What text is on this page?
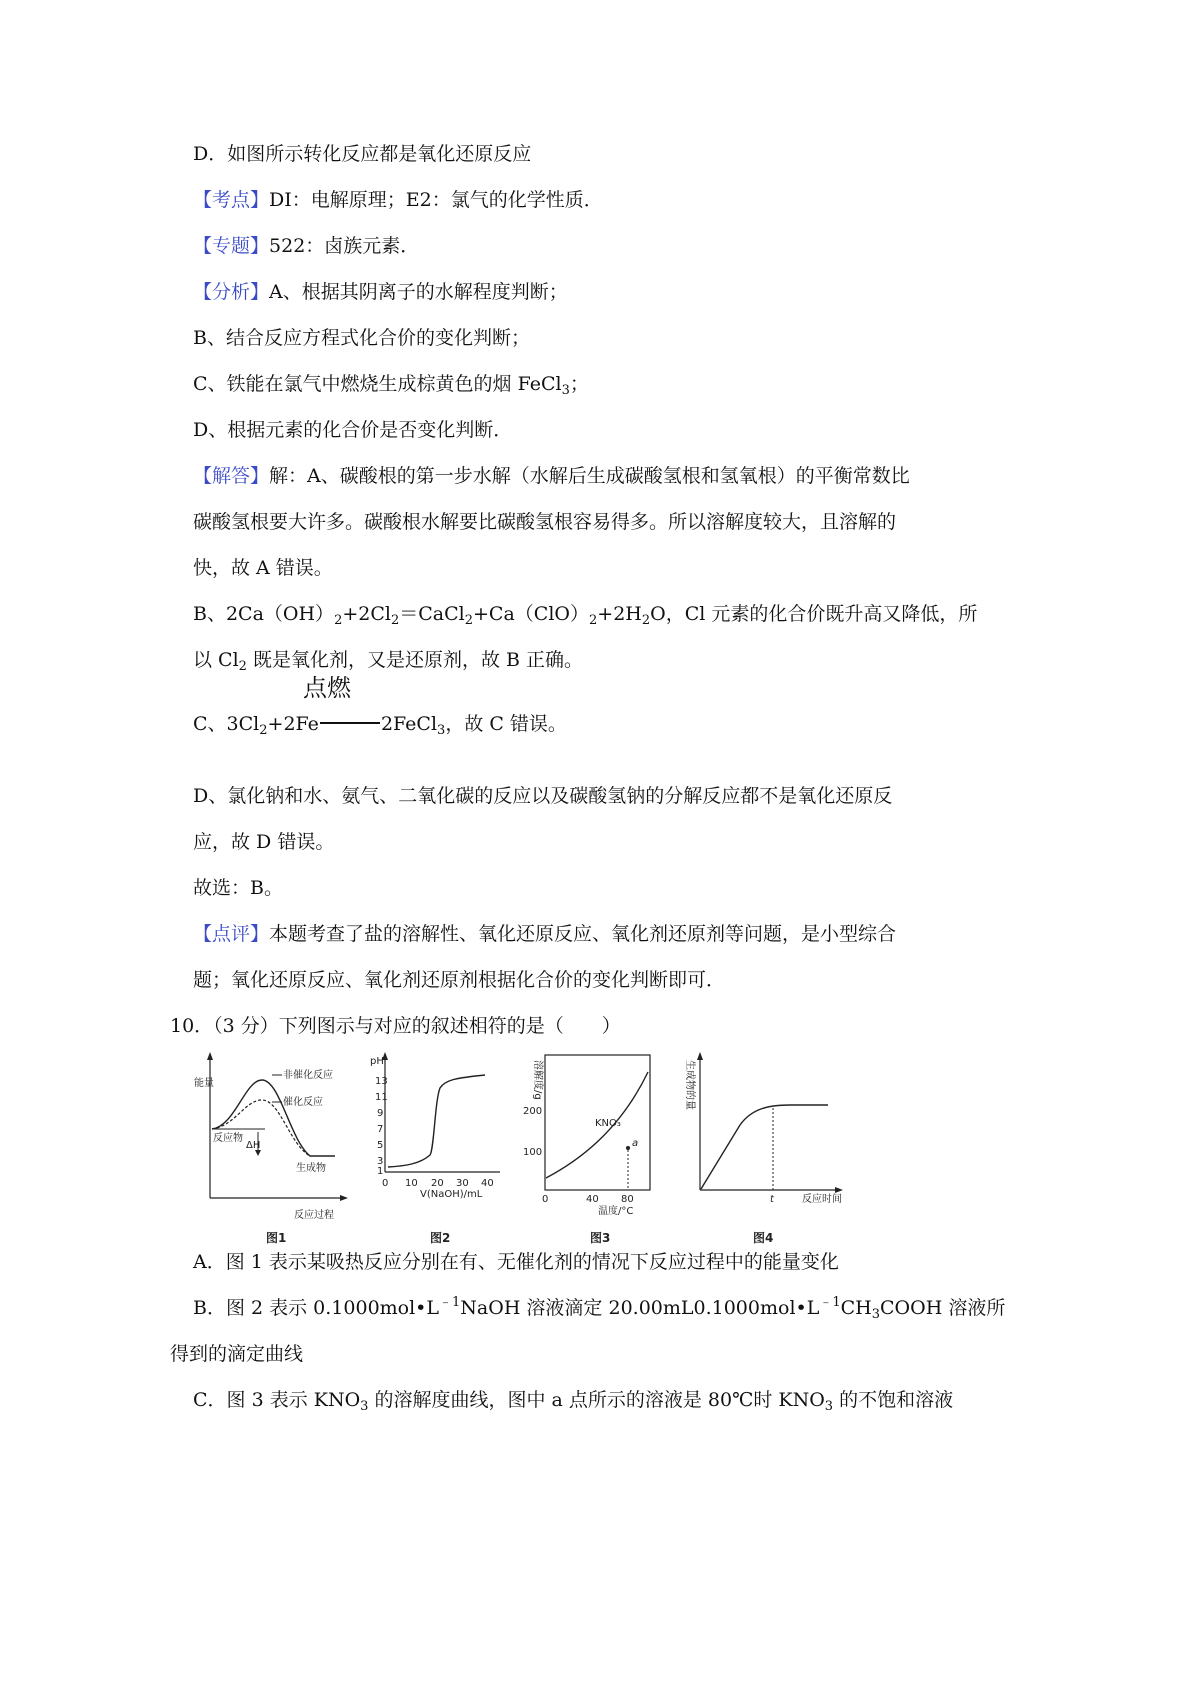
D．如图所示转化反应都是氧化还原反应
【考点】DI：电解原理；E2：氯气的化学性质．
【专题】522：卤族元素．
【分析】A、根据其阴离子的水解程度判断；
B、结合反应方程式化合价的变化判断；
C、铁能在氯气中燃烧生成棕黄色的烟 FeCl$_3$；
D、根据元素的化合价是否变化判断．
【解答】解：A、碳酸根的第一步水解（水解后生成碳酸氢根和氢氧根）的平衡常数比
碳酸氢根要大许多。碳酸根水解要比碳酸氢根容易得多。所以溶解度较大，且溶解的
快，故 A 错误。
B、$2Ca(OH)_2+2Cl_2=CaCl_2+Ca(ClO)_2+2H_2O$，Cl 元素的化合价既升高又降低，所
以 $Cl_2$ 既是氧化剂，又是还原剂，故 B 正确。
点燃
C、$3Cl_2+2Fe$	2FeCl$_3$，故 C 错误。
D、氯化钠和水、氨气、二氧化碳的反应以及碳酸氢钠的分解反应都不是氧化还原反
应，故 D 错误。
故选：B。
【点评】本题考查了盐的溶解性、氧化还原反应、氧化剂还原剂等问题，是小型综合
题；氧化还原反应、氧化剂还原剂根据化合价的变化判断即可．
10．（3 分）下列图示与对应的叙述相符的是（　　）
能量
反应过程
反应物
ΔH
生成物
非催化反应
催化反应
图1
pH
13
11
9
7
5
3
1
0 10 20 30 40
V(NaOH)/mL
图2
溶解度/g
200
100
0	40 80
温度/°C
KNO₃
a
图3
生成物的量
t	反应时间
图4
A．图 1 表示某吸热反应分别在有、无催化剂的情况下反应过程中的能量变化
B．图 2 表示 $0.1000mol•L^{﹣1}NaOH$ 溶液滴定 $20.00mL0.1000mol•L^{﹣1}CH_3COOH$ 溶液所
得到的滴定曲线
C．图 3 表示 $KNO_3$ 的溶解度曲线，图中 a 点所示的溶液是 80℃时 $KNO_3$ 的不饱和溶液
